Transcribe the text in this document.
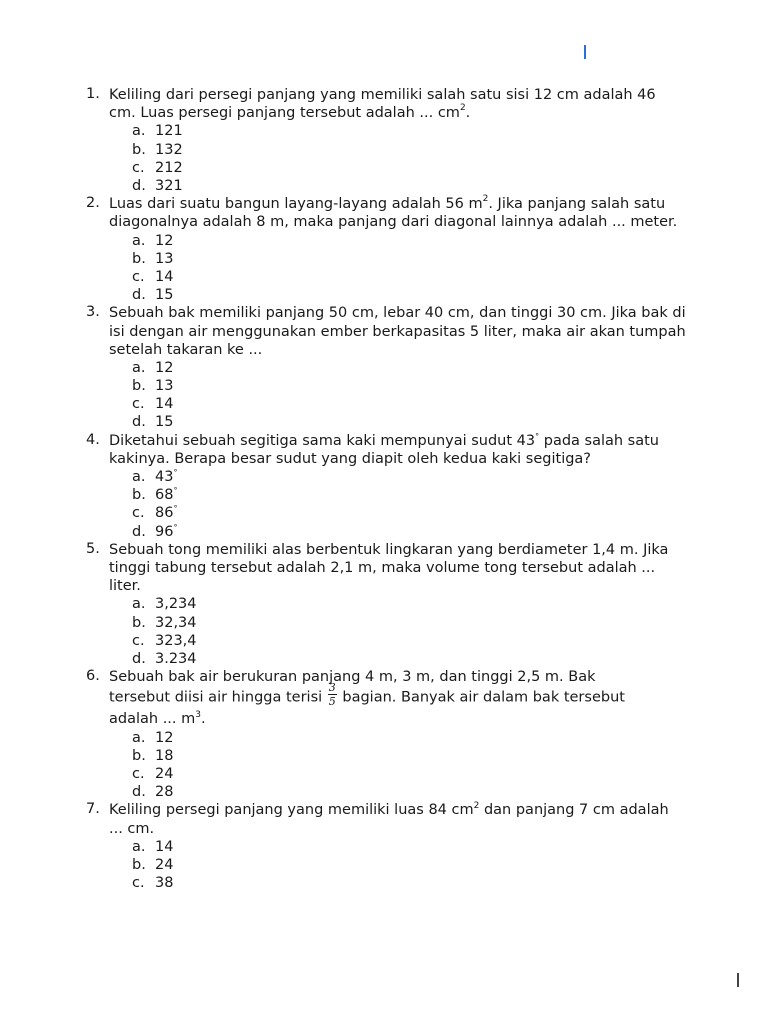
1. Keliling dari persegi panjang yang memiliki salah satu sisi 12 cm adalah 46 cm. Luas persegi panjang tersebut adalah ... $cm^2$.
a. 121
b. 132
c. 212
d. 321
2. Luas dari suatu bangun layang-layang adalah 56 $m^2$. Jika panjang salah satu diagonalnya adalah 8 m, maka panjang dari diagonal lainnya adalah ... meter.
a. 12
b. 13
c. 14
d. 15
3. Sebuah bak memiliki panjang 50 cm, lebar 40 cm, dan tinggi 30 cm. Jika bak di isi dengan air menggunakan ember berkapasitas 5 liter, maka air akan tumpah setelah takaran ke ...
a. 12
b. 13
c. 14
d. 15
4. Diketahui sebuah segitiga sama kaki mempunyai sudut 43° pada salah satu kakinya. Berapa besar sudut yang diapit oleh kedua kaki segitiga?
a. 43°
b. 68°
c. 86°
d. 96°
5. Sebuah tong memiliki alas berbentuk lingkaran yang berdiameter 1,4 m. Jika tinggi tabung tersebut adalah 2,1 m, maka volume tong tersebut adalah ... liter.
a. 3,234
b. 32,34
c. 323,4
d. 3.234
6. Sebuah bak air berukuran panjang 4 m, 3 m, dan tinggi 2,5 m. Bak
tersebut diisi air hingga terisi $\frac{3}{5}$ bagian. Banyak air dalam bak tersebut
adalah ... $m^3$.
a. 12
b. 18
c. 24
d. 28
7. Keliling persegi panjang yang memiliki luas 84 $cm^2$ dan panjang 7 cm adalah ... cm.
a. 14
b. 24
c. 38
